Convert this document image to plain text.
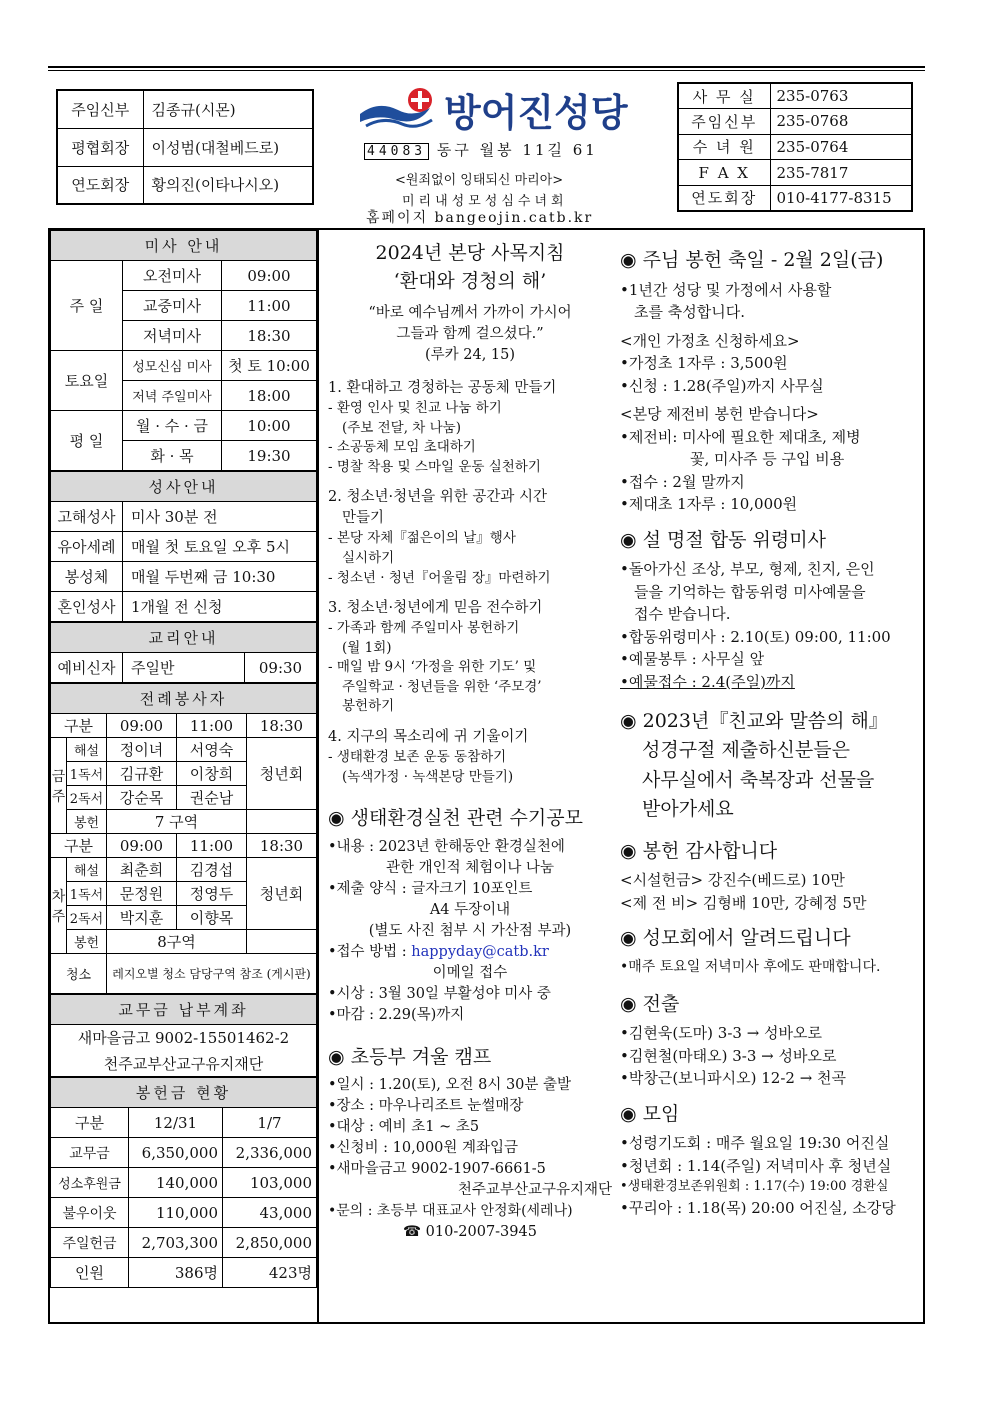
주임신부	김종규(시몬)
평협회장	이성범(대철베드로)
연도회장	황의진(이타나시오)
방어진성당
44083 동구 월봉 11길 61
<원죄없이 잉태되신 마리아>
미리내성모성심수녀회
홈페이지 bangeojin.catb.kr
사 무 실	235-0763
주임신부	235-0768
수 녀 원	235-0764
F A X	235-7817
연도회장	010-4177-8315
미사 안내		
주 일	오전미사	09:00
	교중미사	11:00
	저녁미사	18:30
토요일	성모신심 미사	첫 토 10:00
	저녁 주일미사	18:00
평 일	월 · 수 · 금	10:00
	화 · 목	19:30
성사안내	
고해성사	미사 30분 전
유아세례	매월 첫 토요일 오후 5시
봉성체	매월 두번째 금 10:30
혼인성사	1개월 전 신청
교리안내
예비신자	주일반	09:30
전례봉사자				
구분		09:00	11:00	18:30
금주	해설	정이녀	서영숙	청년회
	1독서	김규환	이창희	
	2독서	강순목	권순남	
	봉헌	7 구역		
구분		09:00	11:00	18:30
차주	해설	최춘희	김경섭	청년회
	1독서	문정원	정영두	
	2독서	박지훈	이향목	
	봉헌	8구역		
청소		레지오별 청소 담당구역 참조 (게시판)		
교무금 납부계좌
새마을금고 9002-15501462-2
천주교부산교구유지재단
봉헌금 현황		
구분	12/31	1/7
교무금	6,350,000	2,336,000
성소후원금	140,000	103,000
불우이웃	110,000	43,000
주일헌금	2,703,300	2,850,000
인원	386명	423명
2024년 본당 사목지침
‘환대와 경청의 해’
“바로 예수님께서 가까이 가시어
그들과 함께 걸으셨다.”
(루카 24, 15)
1. 환대하고 경청하는 공동체 만들기
- 환영 인사 및 친교 나눔 하기
(주보 전달, 차 나눔)
- 소공동체 모임 초대하기
- 명찰 착용 및 스마일 운동 실천하기
2. 청소년·청년을 위한 공간과 시간
만들기
- 본당 자체『젊은이의 날』행사
실시하기
- 청소년 · 청년『어울림 장』마련하기
3. 청소년·청년에게 믿음 전수하기
- 가족과 함께 주일미사 봉헌하기
(월 1회)
- 매일 밤 9시 ‘가정을 위한 기도’ 및
주일학교 · 청년들을 위한 ‘주모경’
봉헌하기
4. 지구의 목소리에 귀 기울이기
- 생태환경 보존 운동 동참하기
(녹색가정 · 녹색본당 만들기)
◉ 생태환경실천 관련 수기공모
•내용 : 2023년 한해동안 환경실천에
관한 개인적 체험이나 나눔
•제출 양식 : 글자크기 10포인트
A4 두장이내
(별도 사진 첨부 시 가산점 부과)
•접수 방법 : happyday@catb.kr
이메일 접수
•시상 : 3월 30일 부활성야 미사 중
•마감 : 2.29(목)까지
◉ 초등부 겨울 캠프
•일시 : 1.20(토), 오전 8시 30분 출발
•장소 : 마우나리조트 눈썰매장
•대상 : 예비 초1 ~ 초5
•신청비 : 10,000원 계좌입금
•새마을금고 9002-1907-6661-5
천주교부산교구유지재단
•문의 : 초등부 대표교사 안정화(세레나)
☎ 010-2007-3945
◉ 주님 봉헌 축일 - 2월 2일(금)
•1년간 성당 및 가정에서 사용할
초를 축성합니다.
<개인 가정초 신청하세요>
•가정초 1자루 : 3,500원
•신청 : 1.28(주일)까지 사무실
<본당 제전비 봉헌 받습니다>
•제전비: 미사에 필요한 제대초, 제병
꽃, 미사주 등 구입 비용
•접수 : 2월 말까지
•제대초 1자루 : 10,000원
◉ 설 명절 합동 위령미사
•돌아가신 조상, 부모, 형제, 친지, 은인
들을 기억하는 합동위령 미사예물을
접수 받습니다.
•합동위령미사 : 2.10(토) 09:00, 11:00
•예물봉투 : 사무실 앞
•예물접수 : 2.4(주일)까지
◉ 2023년『친교와 말씀의 해』
성경구절 제출하신분들은
사무실에서 축복장과 선물을
받아가세요
◉ 봉헌 감사합니다
<시설헌금> 강진수(베드로) 10만
<제 전 비> 김형배 10만, 강혜정 5만
◉ 성모회에서 알려드립니다
•매주 토요일 저녁미사 후에도 판매합니다.
◉ 전출
•김현욱(도마) 3-3 → 성바오로
•김현철(마태오) 3-3 → 성바오로
•박창근(보니파시오) 12-2 → 천곡
◉ 모임
•성령기도회 : 매주 월요일 19:30 어진실
•청년회 : 1.14(주일) 저녁미사 후 청년실
•생태환경보존위원회 : 1.17(수) 19:00 경환실
•꾸리아 : 1.18(목) 20:00 어진실, 소강당
